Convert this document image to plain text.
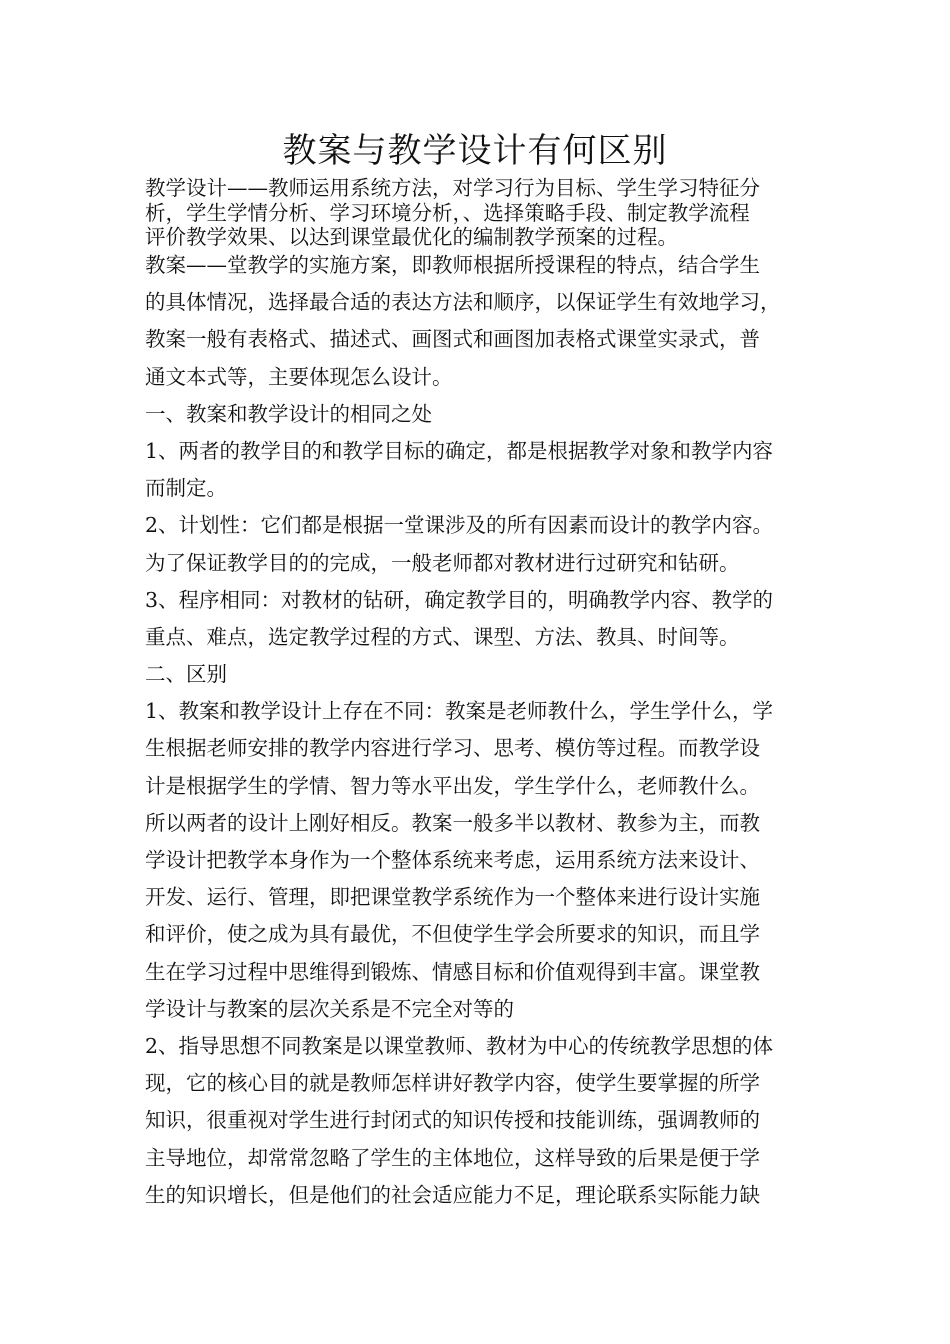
教案与教学设计有何区别
教学设计——教师运用系统方法，对学习行为目标、学生学习特征分
析，学生学情分析、学习环境分析，、选择策略手段、制定教学流程
评价教学效果、以达到课堂最优化的编制教学预案的过程。
教案——堂教学的实施方案，即教师根据所授课程的特点，结合学生
的具体情况，选择最合适的表达方法和顺序，以保证学生有效地学习，
教案一般有表格式、描述式、画图式和画图加表格式课堂实录式，普
通文本式等，主要体现怎么设计。
一、教案和教学设计的相同之处
1、两者的教学目的和教学目标的确定，都是根据教学对象和教学内容
而制定。
2、计划性：它们都是根据一堂课涉及的所有因素而设计的教学内容。
为了保证教学目的的完成，一般老师都对教材进行过研究和钻研。
3、程序相同：对教材的钻研，确定教学目的，明确教学内容、教学的
重点、难点，选定教学过程的方式、课型、方法、教具、时间等。
二、区别
1、教案和教学设计上存在不同：教案是老师教什么，学生学什么，学
生根据老师安排的教学内容进行学习、思考、模仿等过程。而教学设
计是根据学生的学情、智力等水平出发，学生学什么，老师教什么。
所以两者的设计上刚好相反。教案一般多半以教材、教参为主，而教
学设计把教学本身作为一个整体系统来考虑，运用系统方法来设计、
开发、运行、管理，即把课堂教学系统作为一个整体来进行设计实施
和评价，使之成为具有最优，不但使学生学会所要求的知识，而且学
生在学习过程中思维得到锻炼、情感目标和价值观得到丰富。课堂教
学设计与教案的层次关系是不完全对等的
2、指导思想不同教案是以课堂教师、教材为中心的传统教学思想的体
现，它的核心目的就是教师怎样讲好教学内容，使学生要掌握的所学
知识，很重视对学生进行封闭式的知识传授和技能训练，强调教师的
主导地位，却常常忽略了学生的主体地位，这样导致的后果是便于学
生的知识增长，但是他们的社会适应能力不足，理论联系实际能力缺
